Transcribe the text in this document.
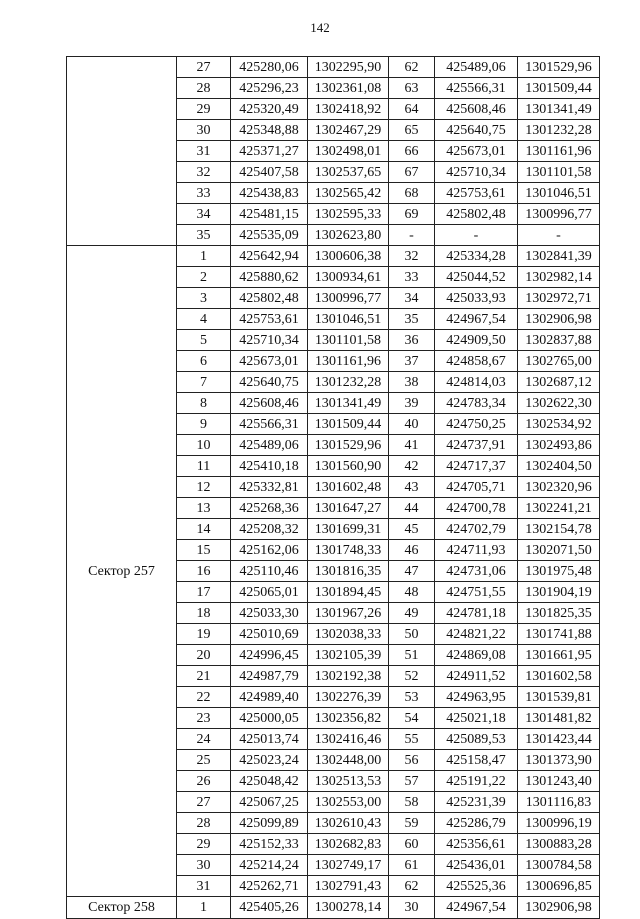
142
	27	425280,06	1302295,90	62	425489,06	1301529,96
	28	425296,23	1302361,08	63	425566,31	1301509,44
	29	425320,49	1302418,92	64	425608,46	1301341,49
	30	425348,88	1302467,29	65	425640,75	1301232,28
	31	425371,27	1302498,01	66	425673,01	1301161,96
	32	425407,58	1302537,65	67	425710,34	1301101,58
	33	425438,83	1302565,42	68	425753,61	1301046,51
	34	425481,15	1302595,33	69	425802,48	1300996,77
	35	425535,09	1302623,80	-	-	-
Сектор 257	1	425642,94	1300606,38	32	425334,28	1302841,39
	2	425880,62	1300934,61	33	425044,52	1302982,14
	3	425802,48	1300996,77	34	425033,93	1302972,71
	4	425753,61	1301046,51	35	424967,54	1302906,98
	5	425710,34	1301101,58	36	424909,50	1302837,88
	6	425673,01	1301161,96	37	424858,67	1302765,00
	7	425640,75	1301232,28	38	424814,03	1302687,12
	8	425608,46	1301341,49	39	424783,34	1302622,30
	9	425566,31	1301509,44	40	424750,25	1302534,92
	10	425489,06	1301529,96	41	424737,91	1302493,86
	11	425410,18	1301560,90	42	424717,37	1302404,50
	12	425332,81	1301602,48	43	424705,71	1302320,96
	13	425268,36	1301647,27	44	424700,78	1302241,21
	14	425208,32	1301699,31	45	424702,79	1302154,78
	15	425162,06	1301748,33	46	424711,93	1302071,50
	16	425110,46	1301816,35	47	424731,06	1301975,48
	17	425065,01	1301894,45	48	424751,55	1301904,19
	18	425033,30	1301967,26	49	424781,18	1301825,35
	19	425010,69	1302038,33	50	424821,22	1301741,88
	20	424996,45	1302105,39	51	424869,08	1301661,95
	21	424987,79	1302192,38	52	424911,52	1301602,58
	22	424989,40	1302276,39	53	424963,95	1301539,81
	23	425000,05	1302356,82	54	425021,18	1301481,82
	24	425013,74	1302416,46	55	425089,53	1301423,44
	25	425023,24	1302448,00	56	425158,47	1301373,90
	26	425048,42	1302513,53	57	425191,22	1301243,40
	27	425067,25	1302553,00	58	425231,39	1301116,83
	28	425099,89	1302610,43	59	425286,79	1300996,19
	29	425152,33	1302682,83	60	425356,61	1300883,28
	30	425214,24	1302749,17	61	425436,01	1300784,58
	31	425262,71	1302791,43	62	425525,36	1300696,85
Сектор 258	1	425405,26	1300278,14	30	424967,54	1302906,98
